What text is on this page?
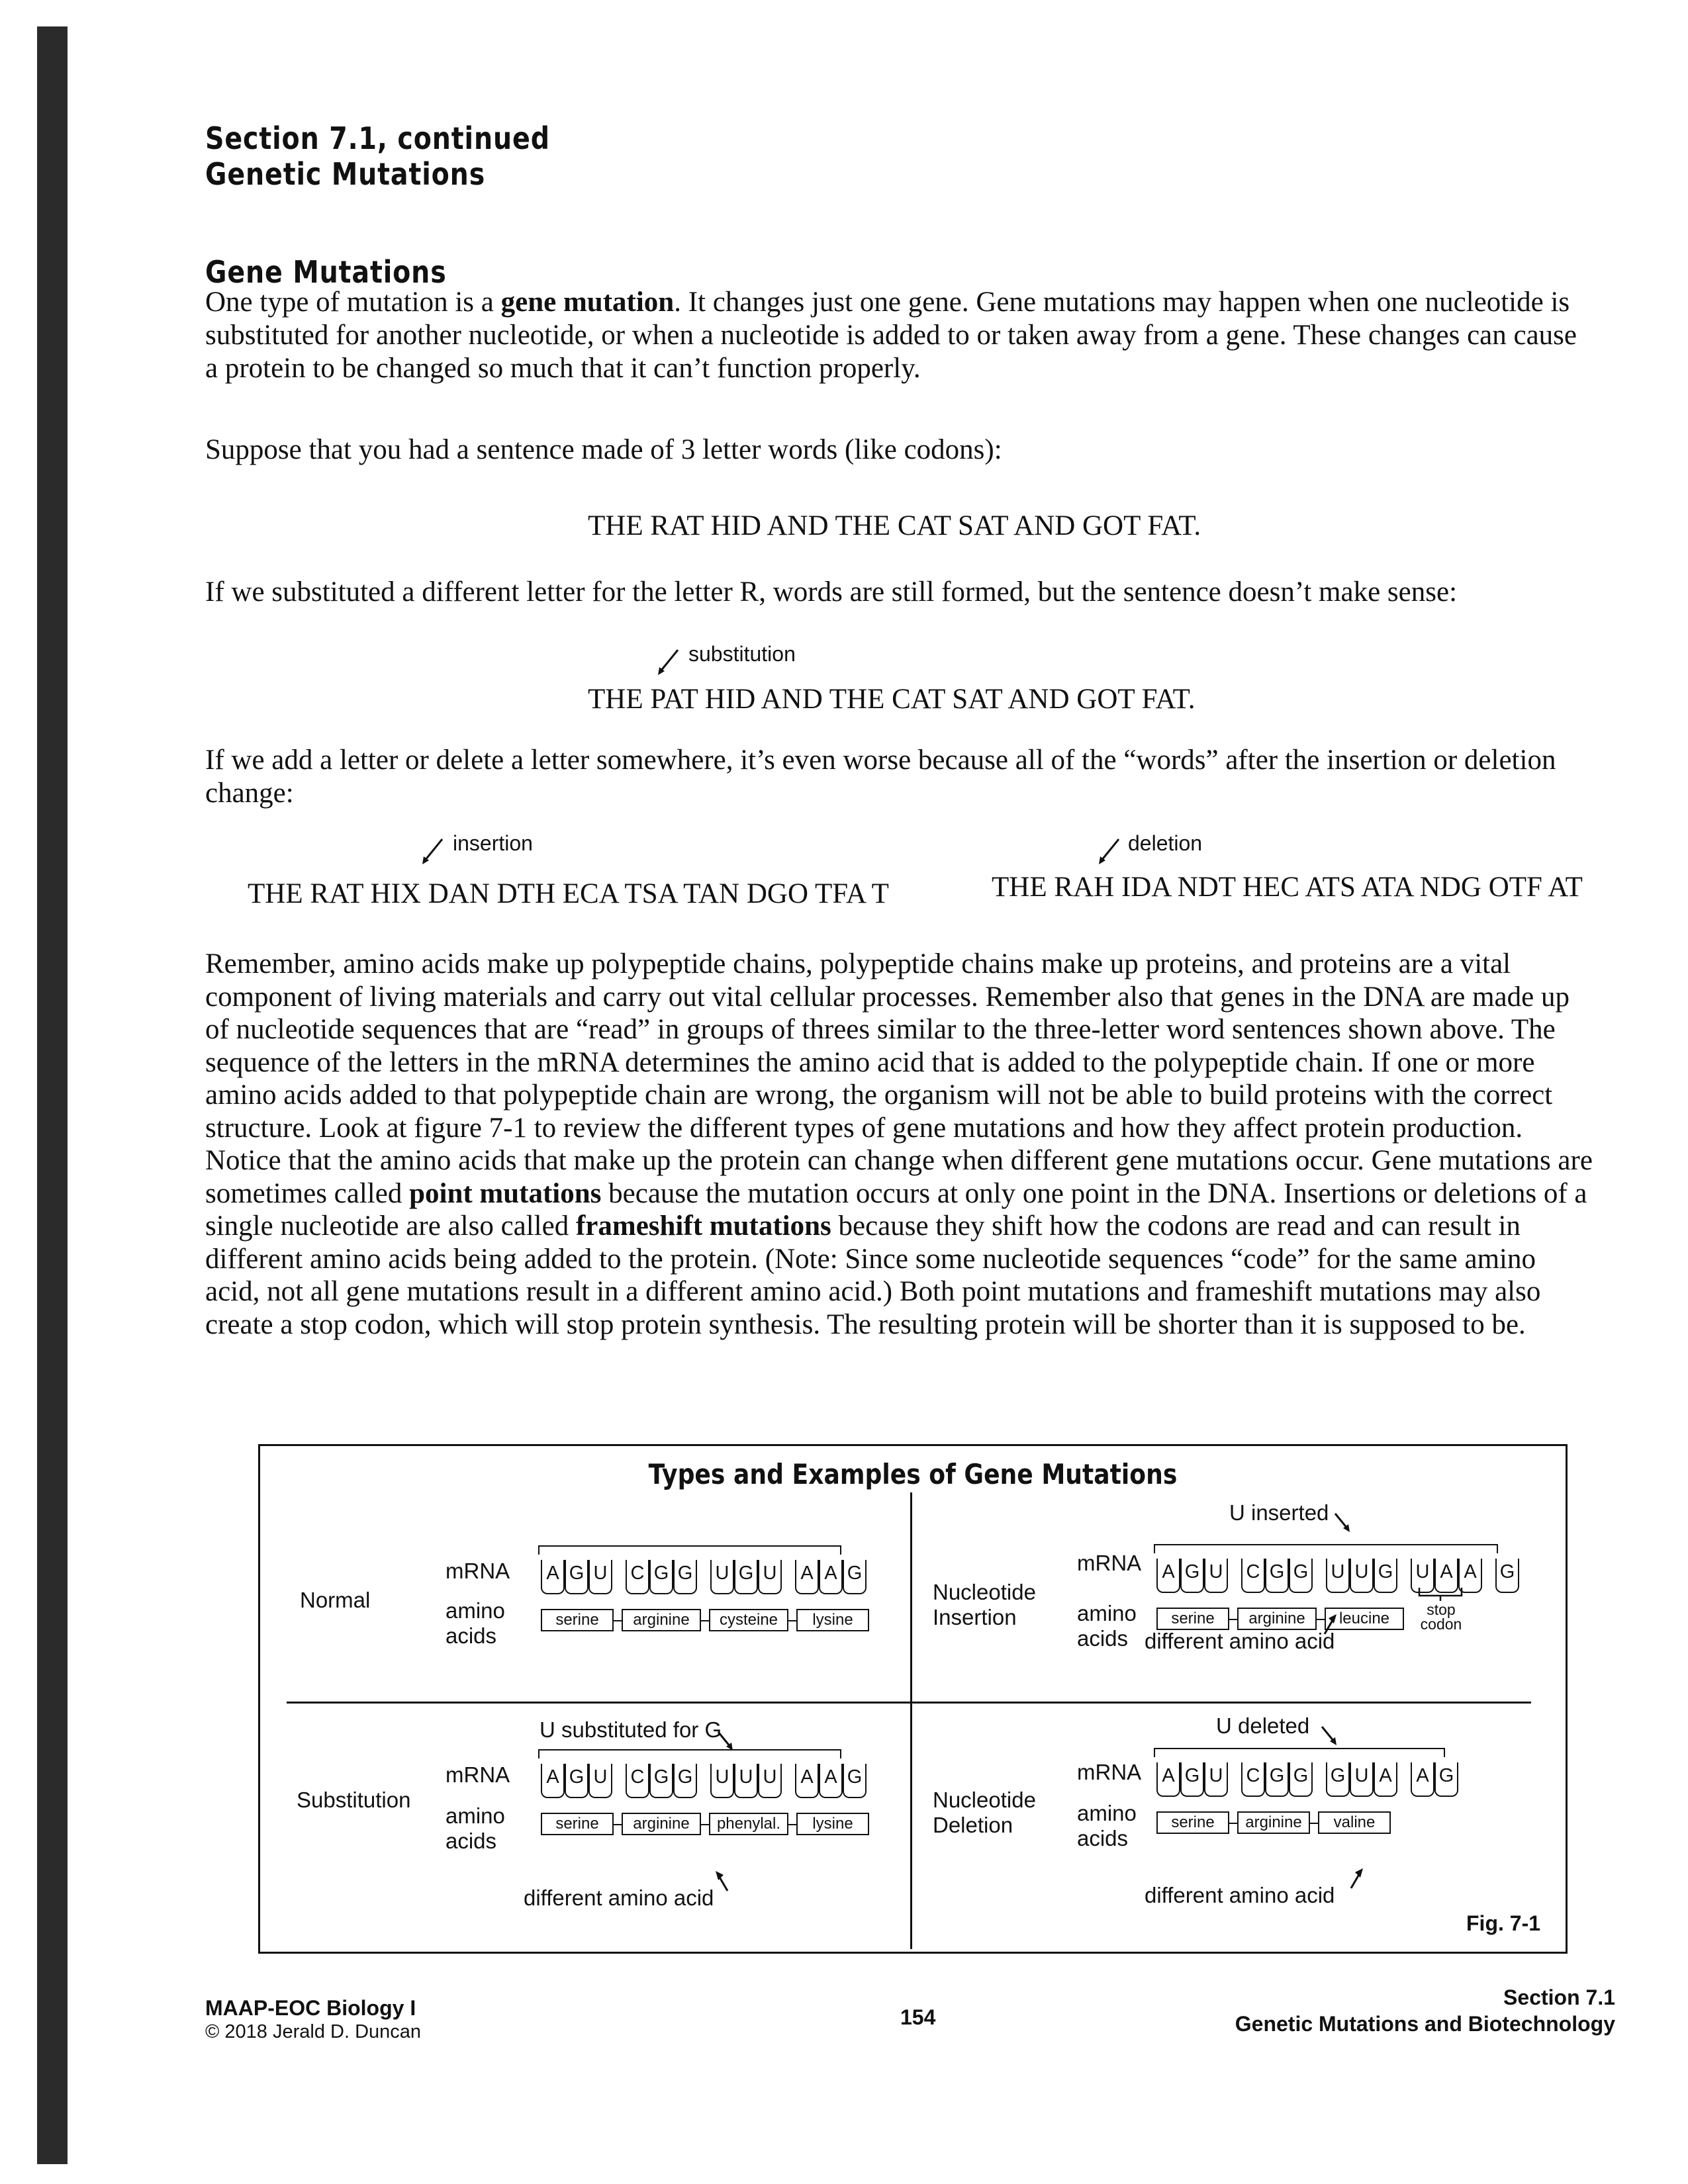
Section 7.1, continued
Genetic Mutations
Gene Mutations

One type of mutation is a gene mutation. It changes just one gene. Gene mutations may happen when one nucleotide is substituted for another nucleotide, or when a nucleotide is added to or taken away from a gene. These changes can cause a protein to be changed so much that it can’t function properly.

Suppose that you had a sentence made of 3 letter words (like codons):

THE RAT HID AND THE CAT SAT AND GOT FAT.

If we substituted a different letter for the letter R, words are still formed, but the sentence doesn’t make sense:

substitution
THE PAT HID AND THE CAT SAT AND GOT FAT.

If we add a letter or delete a letter somewhere, it’s even worse because all of the “words” after the insertion or deletion change:

insertion	deletion
THE RAT HIX DAN DTH ECA TSA TAN DGO TFA T	THE RAH IDA NDT HEC ATS ATA NDG OTF AT

Remember, amino acids make up polypeptide chains, polypeptide chains make up proteins, and proteins are a vital component of living materials and carry out vital cellular processes. Remember also that genes in the DNA are made up of nucleotide sequences that are “read” in groups of threes similar to the three-letter word sentences shown above. The sequence of the letters in the mRNA determines the amino acid that is added to the polypeptide chain. If one or more amino acids added to that polypeptide chain are wrong, the organism will not be able to build proteins with the correct structure. Look at figure 7-1 to review the different types of gene mutations and how they affect protein production. Notice that the amino acids that make up the protein can change when different gene mutations occur. Gene mutations are sometimes called point mutations because the mutation occurs at only one point in the DNA. Insertions or deletions of a single nucleotide are also called frameshift mutations because they shift how the codons are read and can result in different amino acids being added to the protein. (Note: Since some nucleotide sequences “code” for the same amino acid, not all gene mutations result in a different amino acid.) Both point mutations and frameshift mutations may also create a stop codon, which will stop protein synthesis. The resulting protein will be shorter than it is supposed to be.

Types and Examples of Gene Mutations
Normal
mRNA
amino
acids
A G U C G G U G U A A G
serine	arginine	cysteine	lysine
Substitution
U substituted for G
mRNA
amino
acids
A G U C G G U U U A A G
serine	arginine	phenylal.	lysine
different amino acid
Nucleotide
Insertion
U inserted
mRNA
amino
acids
A G U C G G U U G U A A G
serine	arginine	leucine	stop
codon
different amino acid
Nucleotide
Deletion
U deleted
mRNA
amino
acids
A G U C G G G U A A G
serine	arginine	valine
different amino acid
Fig. 7-1
MAAP-EOC Biology I
© 2018 Jerald D. Duncan
154
Section 7.1
Genetic Mutations and Biotechnology
